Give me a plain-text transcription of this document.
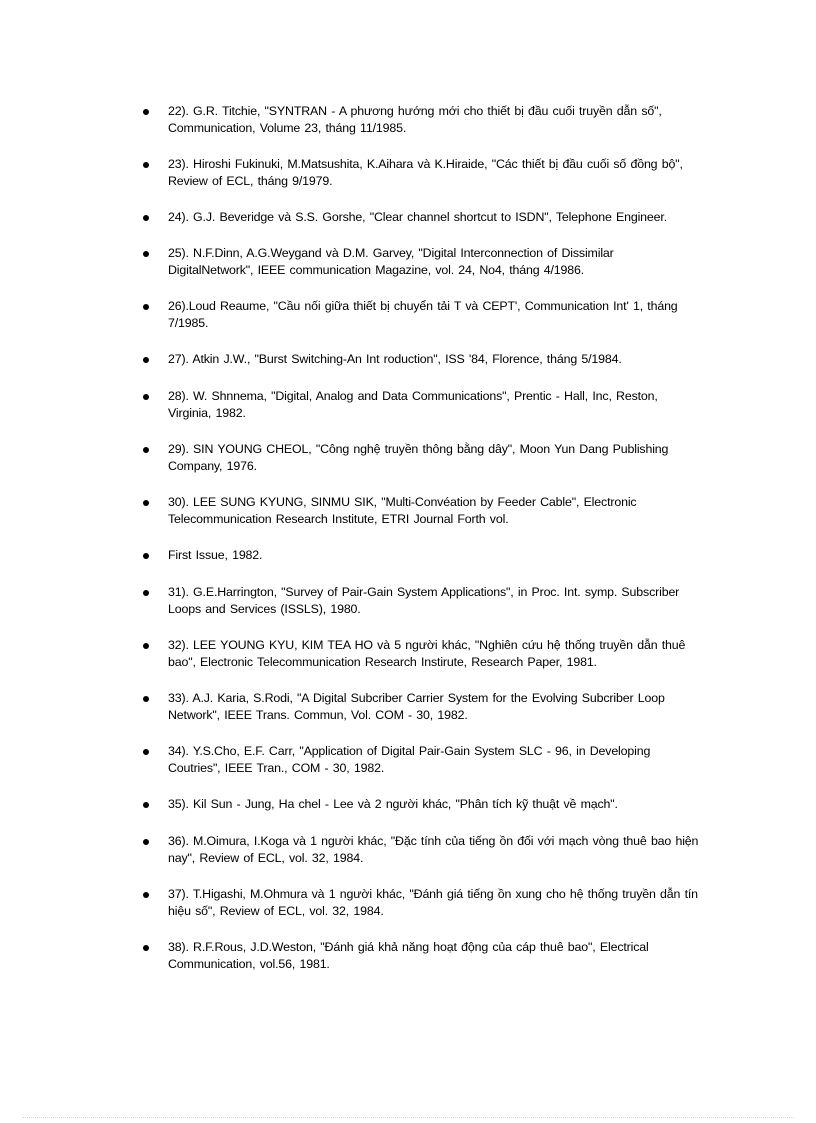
22). G.R. Titchie, "SYNTRAN - A phương hướng mới cho thiết bị đầu cuối truyền dẫn số", Communication, Volume 23, tháng 11/1985.
23). Hiroshi Fukinuki, M.Matsushita, K.Aihara và K.Hiraide, "Các thiết bị đầu cuối số đồng bộ", Review of ECL, tháng 9/1979.
24). G.J. Beveridge và S.S. Gorshe, "Clear channel shortcut to ISDN", Telephone Engineer.
25). N.F.Dinn, A.G.Weygand và D.M. Garvey, "Digital Interconnection of Dissimilar DigitalNetwork", IEEE communication Magazine, vol. 24, No4, tháng 4/1986.
26).Loud Reaume, "Cầu nối giữa thiết bị chuyển tải T và CEPT', Communication Int' 1, tháng 7/1985.
27). Atkin J.W., "Burst Switching-An Int roduction", ISS '84, Florence, tháng 5/1984.
28). W. Shnnema, "Digital, Analog and Data Communications", Prentic - Hall, Inc, Reston, Virginia, 1982.
29). SIN YOUNG CHEOL, "Công nghệ truyền thông bằng dây", Moon Yun Dang Publishing Company, 1976.
30). LEE SUNG KYUNG, SINMU SIK, "Multi-Convéation by Feeder Cable", Electronic Telecommunication Research Institute, ETRI Journal Forth vol.
First Issue, 1982.
31). G.E.Harrington, "Survey of Pair-Gain System Applications", in Proc. Int. symp. Subscriber Loops and Services (ISSLS), 1980.
32). LEE YOUNG KYU, KIM TEA HO và 5 người khác, "Nghiên cứu hệ thống truyền dẫn thuê bao", Electronic Telecommunication Research Instirute, Research Paper, 1981.
33). A.J. Karia, S.Rodi, "A Digital Subcriber Carrier System for the Evolving Subcriber Loop Network", IEEE Trans. Commun, Vol. COM - 30, 1982.
34). Y.S.Cho, E.F. Carr, "Application of Digital Pair-Gain System SLC - 96, in Developing Coutries", IEEE Tran., COM - 30, 1982.
35). Kil Sun - Jung, Ha chel - Lee và 2 người khác, "Phân tích kỹ thuật về mạch".
36). M.Oimura, I.Koga và 1 người khác, "Đặc tính của tiếng ồn đối với mạch vòng thuê bao hiện nay", Review of ECL, vol. 32, 1984.
37). T.Higashi, M.Ohmura và 1 người khác, "Đánh giá tiếng ồn xung cho hệ thống truyền dẫn tín hiệu số", Review of ECL, vol. 32, 1984.
38). R.F.Rous, J.D.Weston, "Đánh giá khả năng hoạt động của cáp thuê bao", Electrical Communication, vol.56, 1981.
